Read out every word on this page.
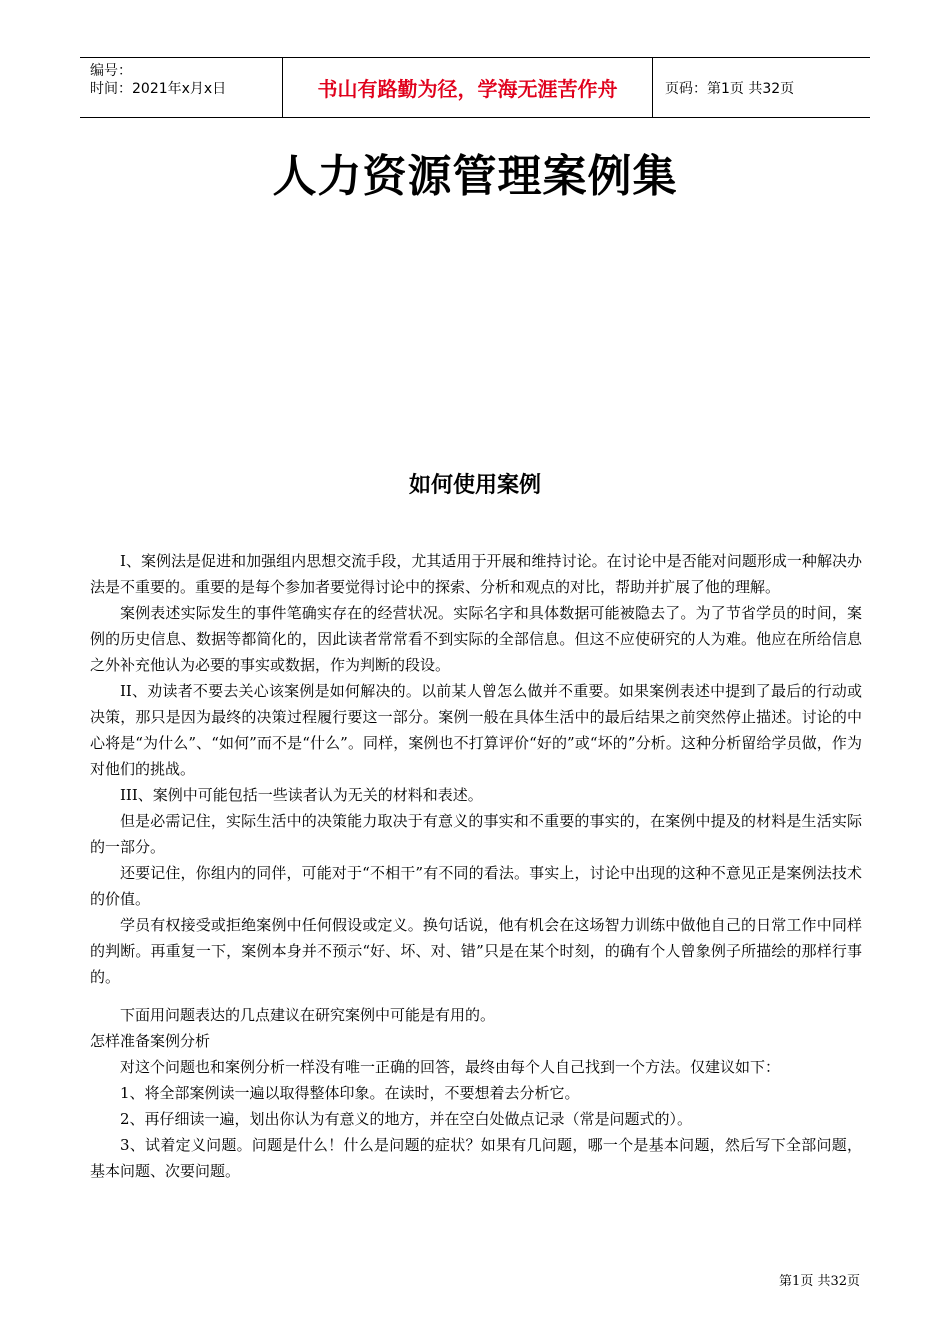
编号：
时间：2021年x月x日	书山有路勤为径，学海无涯苦作舟	页码：第1页 共32页
人力资源管理案例集
如何使用案例

I、案例法是促进和加强组内思想交流手段，尤其适用于开展和维持讨论。在讨论中是否能对问题形成一种解决办法是不重要的。重要的是每个参加者要觉得讨论中的探索、分析和观点的对比，帮助并扩展了他的理解。

案例表述实际发生的事件笔确实存在的经营状况。实际名字和具体数据可能被隐去了。为了节省学员的时间，案例的历史信息、数据等都简化的，因此读者常常看不到实际的全部信息。但这不应使研究的人为难。他应在所给信息之外补充他认为必要的事实或数据，作为判断的段设。

II、劝读者不要去关心该案例是如何解决的。以前某人曾怎么做并不重要。如果案例表述中提到了最后的行动或决策，那只是因为最终的决策过程履行要这一部分。案例一般在具体生活中的最后结果之前突然停止描述。讨论的中心将是“为什么”、“如何”而不是“什么”。同样，案例也不打算评价“好的”或“坏的”分析。这种分析留给学员做，作为对他们的挑战。

III、案例中可能包括一些读者认为无关的材料和表述。

但是必需记住，实际生活中的决策能力取决于有意义的事实和不重要的事实的，在案例中提及的材料是生活实际的一部分。

还要记住，你组内的同伴，可能对于“不相干”有不同的看法。事实上，讨论中出现的这种不意见正是案例法技术的价值。

学员有权接受或拒绝案例中任何假设或定义。换句话说，他有机会在这场智力训练中做他自己的日常工作中同样的判断。再重复一下，案例本身并不预示“好、坏、对、错”只是在某个时刻，的确有个人曾象例子所描绘的那样行事的。

下面用问题表达的几点建议在研究案例中可能是有用的。

怎样准备案例分析

对这个问题也和案例分析一样没有唯一正确的回答，最终由每个人自己找到一个方法。仅建议如下：

1、将全部案例读一遍以取得整体印象。在读时，不要想着去分析它。

2、再仔细读一遍，划出你认为有意义的地方，并在空白处做点记录（常是问题式的）。

3、试着定义问题。问题是什么！什么是问题的症状？如果有几问题，哪一个是基本问题，然后写下全部问题，基本问题、次要问题。

第1页 共32页
